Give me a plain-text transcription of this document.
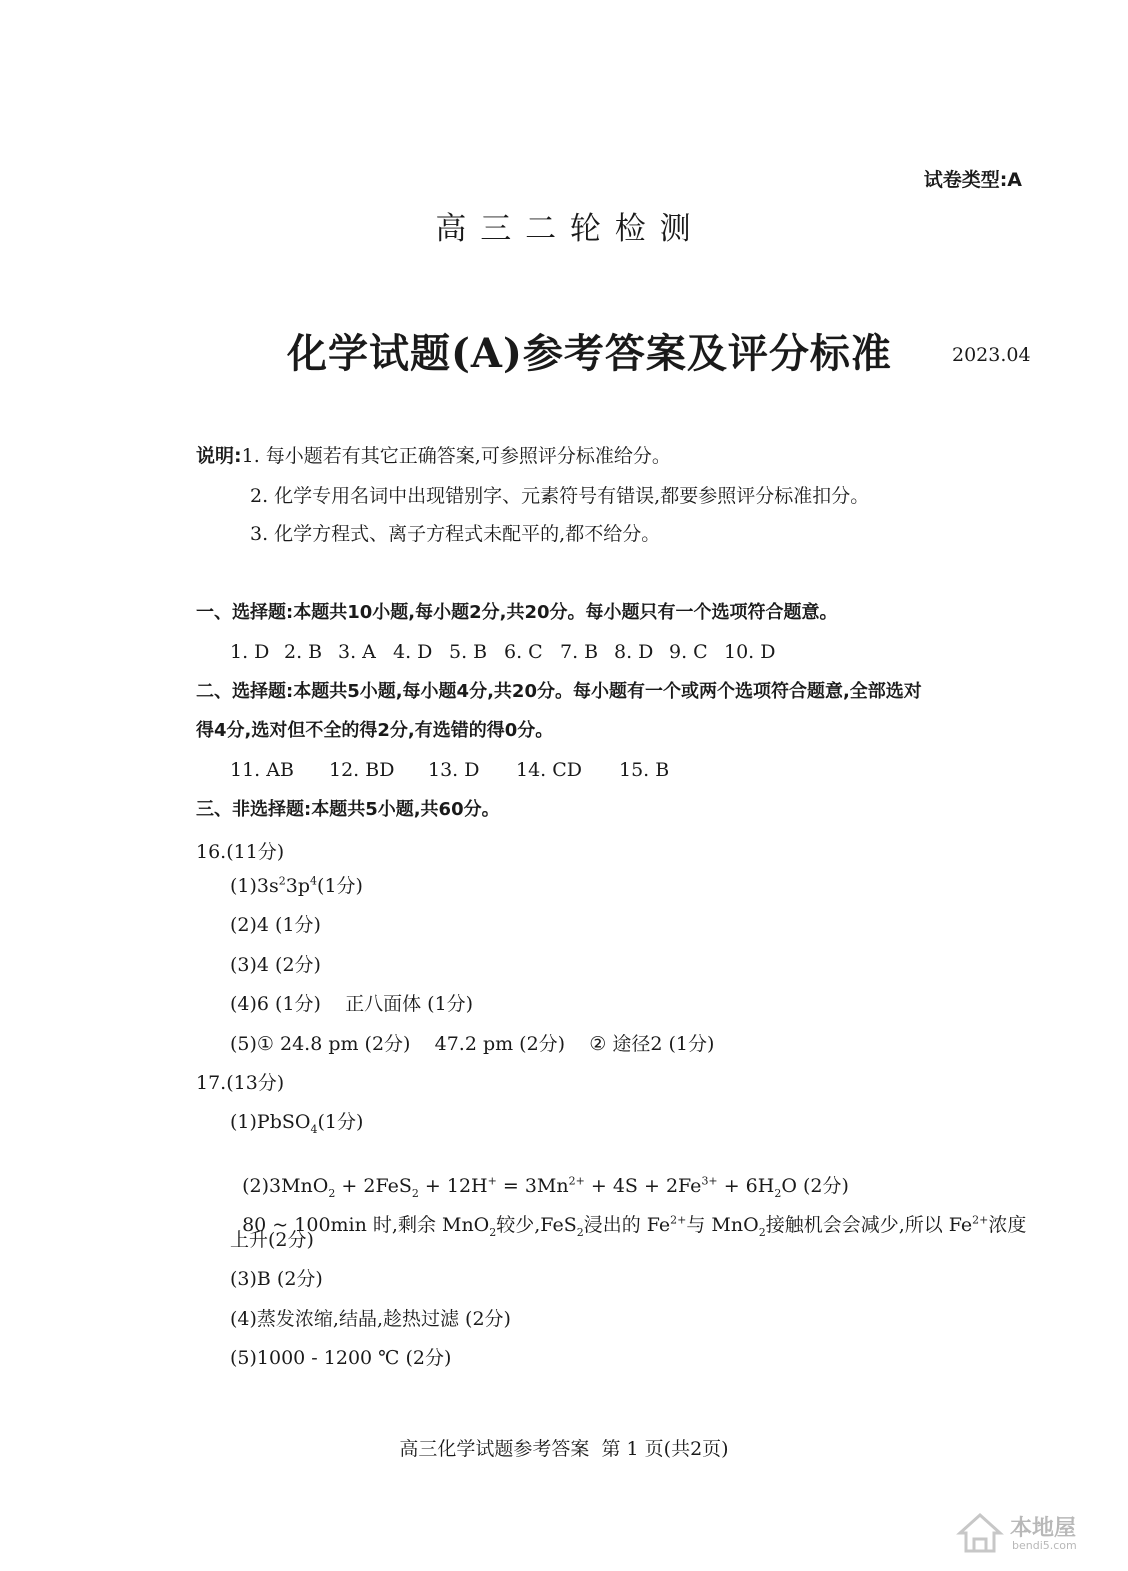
试卷类型:A
高 三 二 轮 检 测
化学试题(A)参考答案及评分标准	2023.04
说明:1. 每小题若有其它正确答案,可参照评分标准给分。
2. 化学专用名词中出现错别字、元素符号有错误,都要参照评分标准扣分。
3. 化学方程式、离子方程式未配平的,都不给分。
一、选择题:本题共10小题,每小题2分,共20分。每小题只有一个选项符合题意。
1. D 2. B 3. A 4. D 5. B 6. C 7. B 8. D 9. C 10. D
二、选择题:本题共5小题,每小题4分,共20分。每小题有一个或两个选项符合题意,全部选对
得4分,选对但不全的得2分,有选错的得0分。
11. AB 12. BD 13. D 14. CD 15. B
三、非选择题:本题共5小题,共60分。
16.(11分)
$(1)3s^23p^4(1$分)
(2)4 (1分)
(3)4 (2分)
(4)6 (1分)    正八面体 (1分)
(5)① 24.8 pm (2分)    47.2 pm (2分)    ② 途径2 (1分)
17.(13分)
(1)PbSO$_4$(1分)

$(2)3MnO_2 + 2FeS_2 + 12H^+ = 3Mn^{2+} + 4S + 2Fe^{3+} + 6H_2O$ (2分)

80 ~ 100min 时,剩余 MnO$_2$较少,FeS$_2$浸出的 $Fe^{2+}$与 MnO$_2$接触机会会减少,所以 $Fe^{2+}$浓度

上升(2分)
(3)B (2分)
(4)蒸发浓缩,结晶,趁热过滤 (2分)
(5)1000 - 1200 ℃ (2分)
高三化学试题参考答案  第 1 页(共2页)
本地屋
bendi5.com
